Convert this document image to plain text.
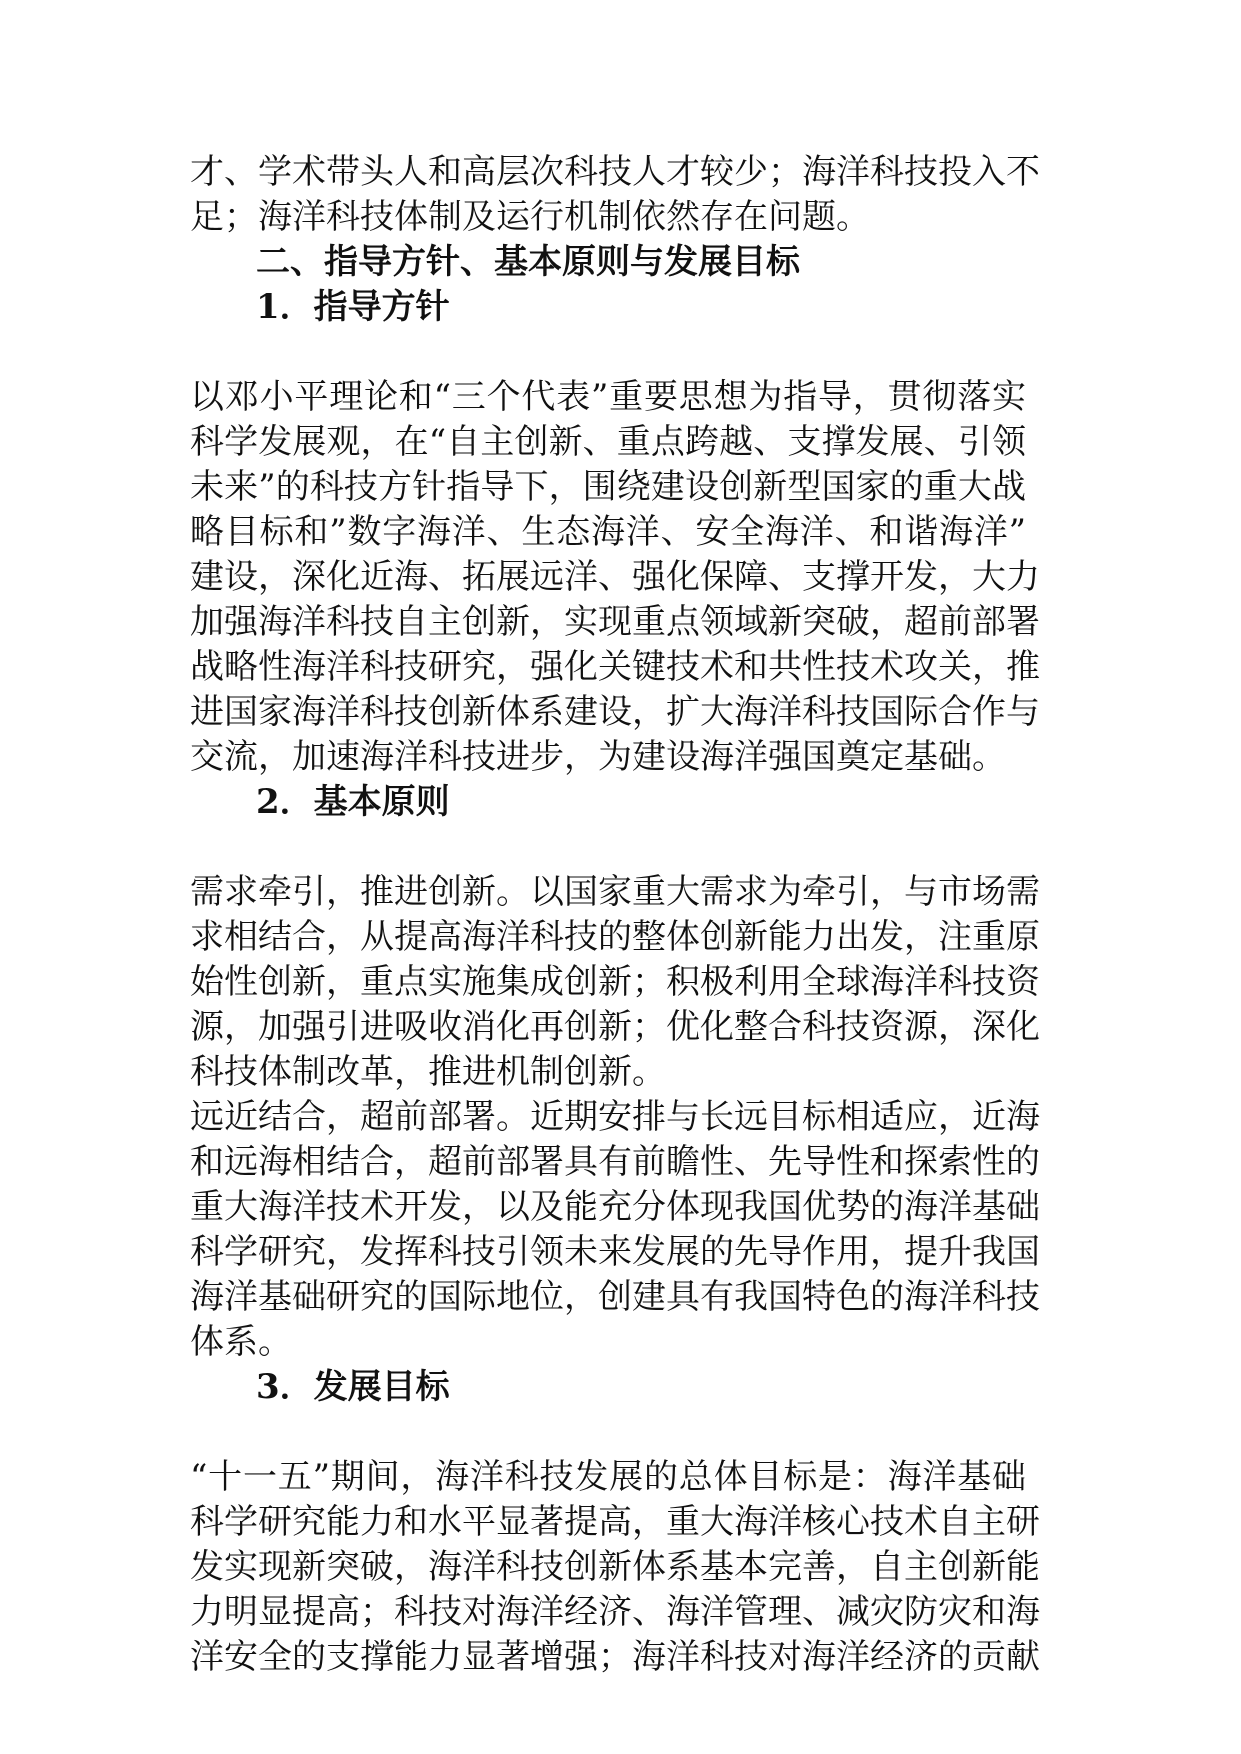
才、学术带头人和高层次科技人才较少；海洋科技投入不
足；海洋科技体制及运行机制依然存在问题。
二、指导方针、基本原则与发展目标
1．指导方针
以邓小平理论和“三个代表”重要思想为指导，贯彻落实
科学发展观，在“自主创新、重点跨越、支撑发展、引领
未来”的科技方针指导下，围绕建设创新型国家的重大战
略目标和”数字海洋、生态海洋、安全海洋、和谐海洋”
建设，深化近海、拓展远洋、强化保障、支撑开发，大力
加强海洋科技自主创新，实现重点领域新突破，超前部署
战略性海洋科技研究，强化关键技术和共性技术攻关，推
进国家海洋科技创新体系建设，扩大海洋科技国际合作与
交流，加速海洋科技进步，为建设海洋强国奠定基础。
2．基本原则
需求牵引，推进创新。以国家重大需求为牵引，与市场需
求相结合，从提高海洋科技的整体创新能力出发，注重原
始性创新，重点实施集成创新；积极利用全球海洋科技资
源，加强引进吸收消化再创新；优化整合科技资源，深化
科技体制改革，推进机制创新。
远近结合，超前部署。近期安排与长远目标相适应，近海
和远海相结合，超前部署具有前瞻性、先导性和探索性的
重大海洋技术开发，以及能充分体现我国优势的海洋基础
科学研究，发挥科技引领未来发展的先导作用，提升我国
海洋基础研究的国际地位，创建具有我国特色的海洋科技
体系。
3．发展目标
“十一五”期间，海洋科技发展的总体目标是：海洋基础
科学研究能力和水平显著提高，重大海洋核心技术自主研
发实现新突破，海洋科技创新体系基本完善，自主创新能
力明显提高；科技对海洋经济、海洋管理、减灾防灾和海
洋安全的支撑能力显著增强；海洋科技对海洋经济的贡献
